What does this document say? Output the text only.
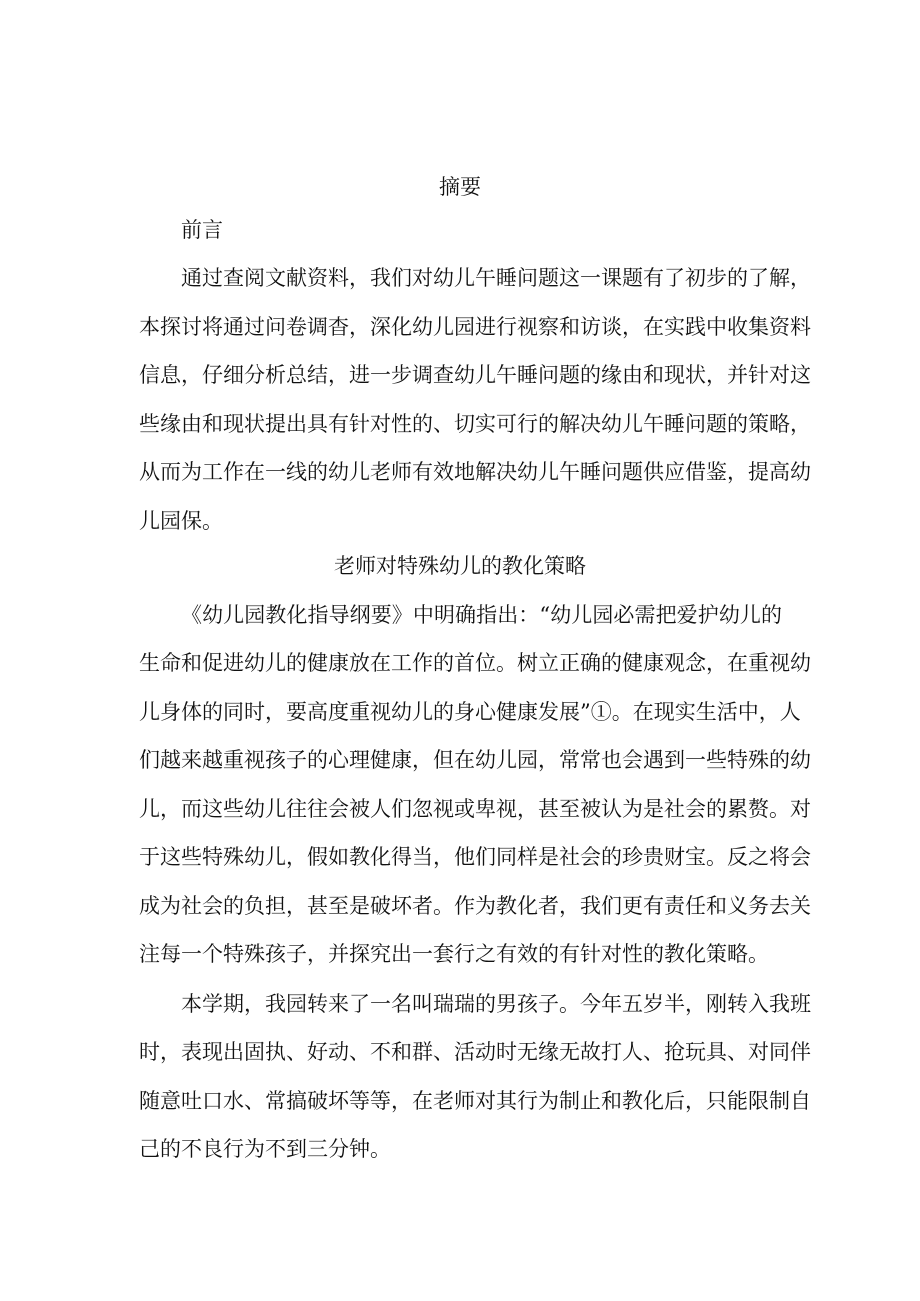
摘要

前言

通过查阅文献资料，我们对幼儿午睡问题这一课题有了初步的了解，

本探讨将通过问卷调杳，深化幼儿园进行视察和访谈，在实践中收集资料

信息，仔细分析总结，进一步调查幼儿午睡问题的缘由和现状，并针对这

些缘由和现状提出具有针对性的、切实可行的解决幼儿午睡问题的策略，

从而为工作在一线的幼儿老师有效地解决幼儿午睡问题供应借鉴，提高幼

儿园保。

老师对特殊幼儿的教化策略

《幼儿园教化指导纲要》中明确指出：“幼儿园必需把爱护幼儿的

生命和促进幼儿的健康放在工作的首位。树立正确的健康观念，在重视幼

儿身体的同时，要高度重视幼儿的身心健康发展”①。在现实生活中，人

们越来越重视孩子的心理健康，但在幼儿园，常常也会遇到一些特殊的幼

儿，而这些幼儿往往会被人们忽视或卑视，甚至被认为是社会的累赘。对

于这些特殊幼儿，假如教化得当，他们同样是社会的珍贵财宝。反之将会

成为社会的负担，甚至是破坏者。作为教化者，我们更有责任和义务去关

注每一个特殊孩子，并探究出一套行之有效的有针对性的教化策略。

本学期，我园转来了一名叫瑞瑞的男孩子。今年五岁半，刚转入我班

时，表现出固执、好动、不和群、活动时无缘无故打人、抢玩具、对同伴

随意吐口水、常搞破坏等等，在老师对其行为制止和教化后，只能限制自

己的不良行为不到三分钟。
